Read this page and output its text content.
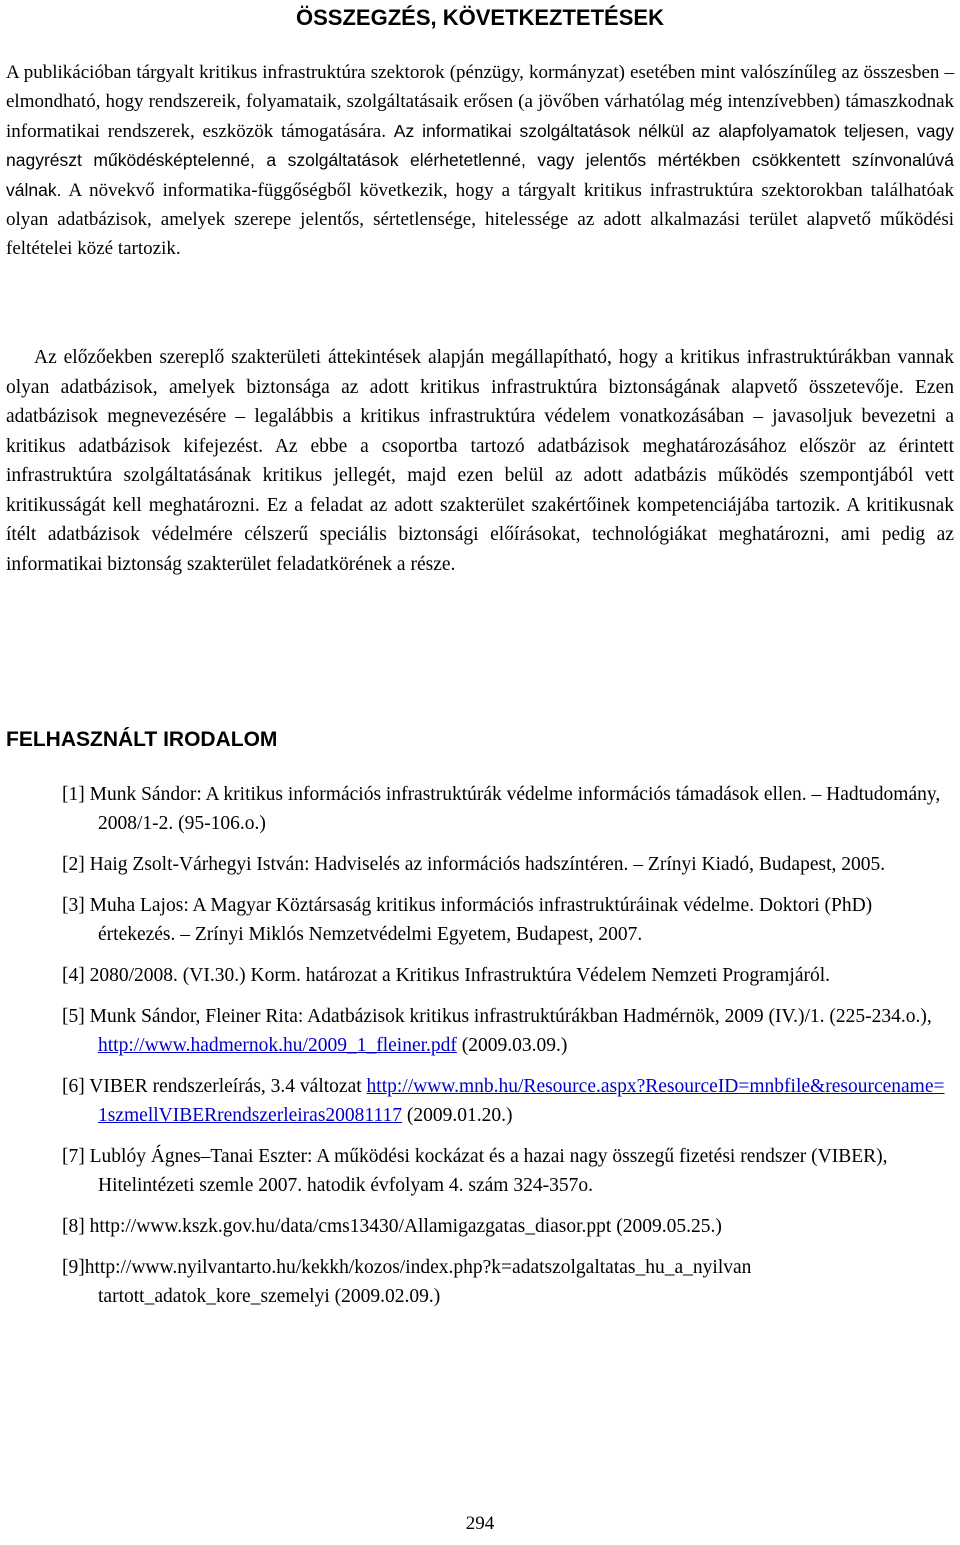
ÖSSZEGZÉS, KÖVETKEZTETÉSEK

A publikációban tárgyalt kritikus infrastruktúra szektorok (pénzügy, kormányzat) esetében mint valószínűleg az összesben – elmondható, hogy rendszereik, folyamataik, szolgáltatásaik erősen (a jövőben várhatólag még intenzívebben) támaszkodnak informatikai rendszerek, eszközök támogatására. Az informatikai szolgáltatások nélkül az alapfolyamatok teljesen, vagy nagyrészt működésképtelenné, a szolgáltatások elérhetetlenné, vagy jelentős mértékben csökkentett színvonalúvá válnak. A növekvő informatika-függőségből következik, hogy a tárgyalt kritikus infrastruktúra szektorokban találhatóak olyan adatbázisok, amelyek szerepe jelentős, sértetlensége, hitelessége az adott alkalmazási terület alapvető működési feltételei közé tartozik.

Az előzőekben szereplő szakterületi áttekintések alapján megállapítható, hogy a kritikus infrastruktúrákban vannak olyan adatbázisok, amelyek biztonsága az adott kritikus infrastruktúra biztonságának alapvető összetevője. Ezen adatbázisok megnevezésére – legalábbis a kritikus infrastruktúra védelem vonatkozásában – javasoljuk bevezetni a kritikus adatbázisok kifejezést. Az ebbe a csoportba tartozó adatbázisok meghatározásához először az érintett infrastruktúra szolgáltatásának kritikus jellegét, majd ezen belül az adott adatbázis működés szempontjából vett kritikusságát kell meghatározni. Ez a feladat az adott szakterület szakértőinek kompetenciájába tartozik. A kritikusnak ítélt adatbázisok védelmére célszerű speciális biztonsági előírásokat, technológiákat meghatározni, ami pedig az informatikai biztonság szakterület feladatkörének a része.

FELHASZNÁLT IRODALOM
[1] Munk Sándor: A kritikus információs infrastruktúrák védelme információs támadások ellen. – Hadtudomány, 2008/1-2. (95-106.o.)
[2] Haig Zsolt-Várhegyi István: Hadviselés az információs hadszíntéren. – Zrínyi Kiadó, Budapest, 2005.
[3] Muha Lajos: A Magyar Köztársaság kritikus információs infrastruktúráinak védelme. Doktori (PhD) értekezés. – Zrínyi Miklós Nemzetvédelmi Egyetem, Budapest, 2007.
[4] 2080/2008. (VI.30.) Korm. határozat a Kritikus Infrastruktúra Védelem Nemzeti Programjáról.
[5] Munk Sándor, Fleiner Rita: Adatbázisok kritikus infrastruktúrákban Hadmérnök, 2009 (IV.)/1. (225-234.o.), http://www.hadmernok.hu/2009_1_fleiner.pdf (2009.03.09.)
[6] VIBER rendszerleírás, 3.4 változat http://www.mnb.hu/Resource.aspx?ResourceID=mnbfile&resourcename=1szmellVIBERrendszerleiras20081117 (2009.01.20.)
[7] Lublóy Ágnes–Tanai Eszter: A működési kockázat és a hazai nagy összegű fizetési rendszer (VIBER), Hitelintézeti szemle 2007. hatodik évfolyam 4. szám 324-357o.
[8] http://www.kszk.gov.hu/data/cms13430/Allamigazgatas_diasor.ppt (2009.05.25.)
[9]http://www.nyilvantarto.hu/kekkh/kozos/index.php?k=adatszolgaltatas_hu_a_nyilvan tartott_adatok_kore_szemelyi (2009.02.09.)
294
